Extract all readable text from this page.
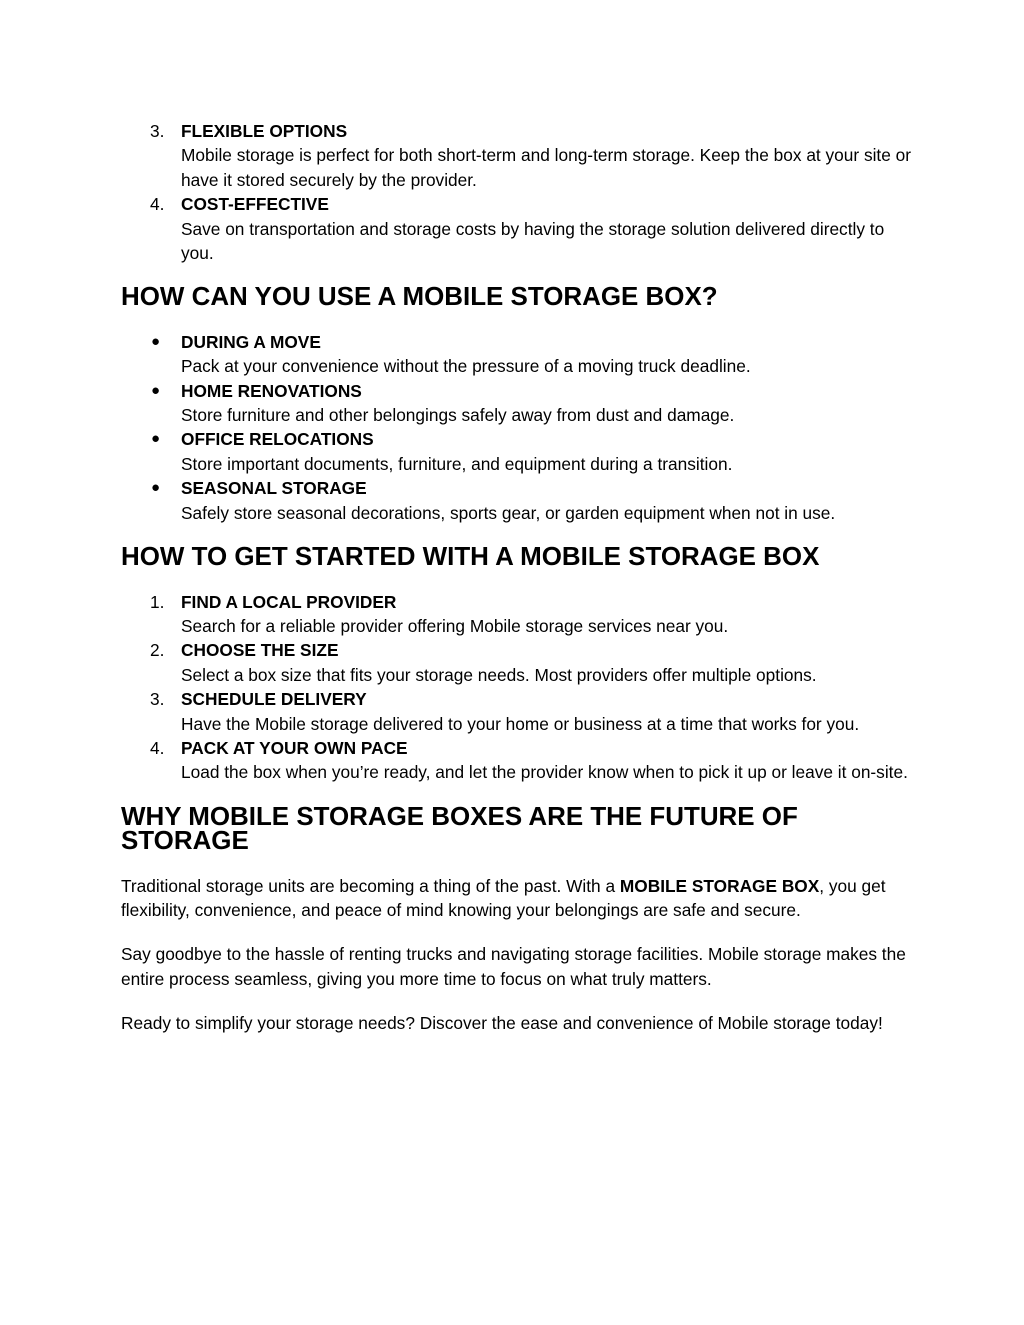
3. FLEXIBLE OPTIONS
Mobile storage is perfect for both short-term and long-term storage. Keep the box at your site or have it stored securely by the provider.
4. COST-EFFECTIVE
Save on transportation and storage costs by having the storage solution delivered directly to you.
HOW CAN YOU USE A MOBILE STORAGE BOX?
● DURING A MOVE
Pack at your convenience without the pressure of a moving truck deadline.
● HOME RENOVATIONS
Store furniture and other belongings safely away from dust and damage.
● OFFICE RELOCATIONS
Store important documents, furniture, and equipment during a transition.
● SEASONAL STORAGE
Safely store seasonal decorations, sports gear, or garden equipment when not in use.
HOW TO GET STARTED WITH A MOBILE STORAGE BOX
1. FIND A LOCAL PROVIDER
Search for a reliable provider offering Mobile storage services near you.
2. CHOOSE THE SIZE
Select a box size that fits your storage needs. Most providers offer multiple options.
3. SCHEDULE DELIVERY
Have the Mobile storage delivered to your home or business at a time that works for you.
4. PACK AT YOUR OWN PACE
Load the box when you’re ready, and let the provider know when to pick it up or leave it on-site.
WHY MOBILE STORAGE BOXES ARE THE FUTURE OF STORAGE

Traditional storage units are becoming a thing of the past. With a MOBILE STORAGE BOX, you get flexibility, convenience, and peace of mind knowing your belongings are safe and secure.

Say goodbye to the hassle of renting trucks and navigating storage facilities. Mobile storage makes the entire process seamless, giving you more time to focus on what truly matters.

Ready to simplify your storage needs? Discover the ease and convenience of Mobile storage today!
